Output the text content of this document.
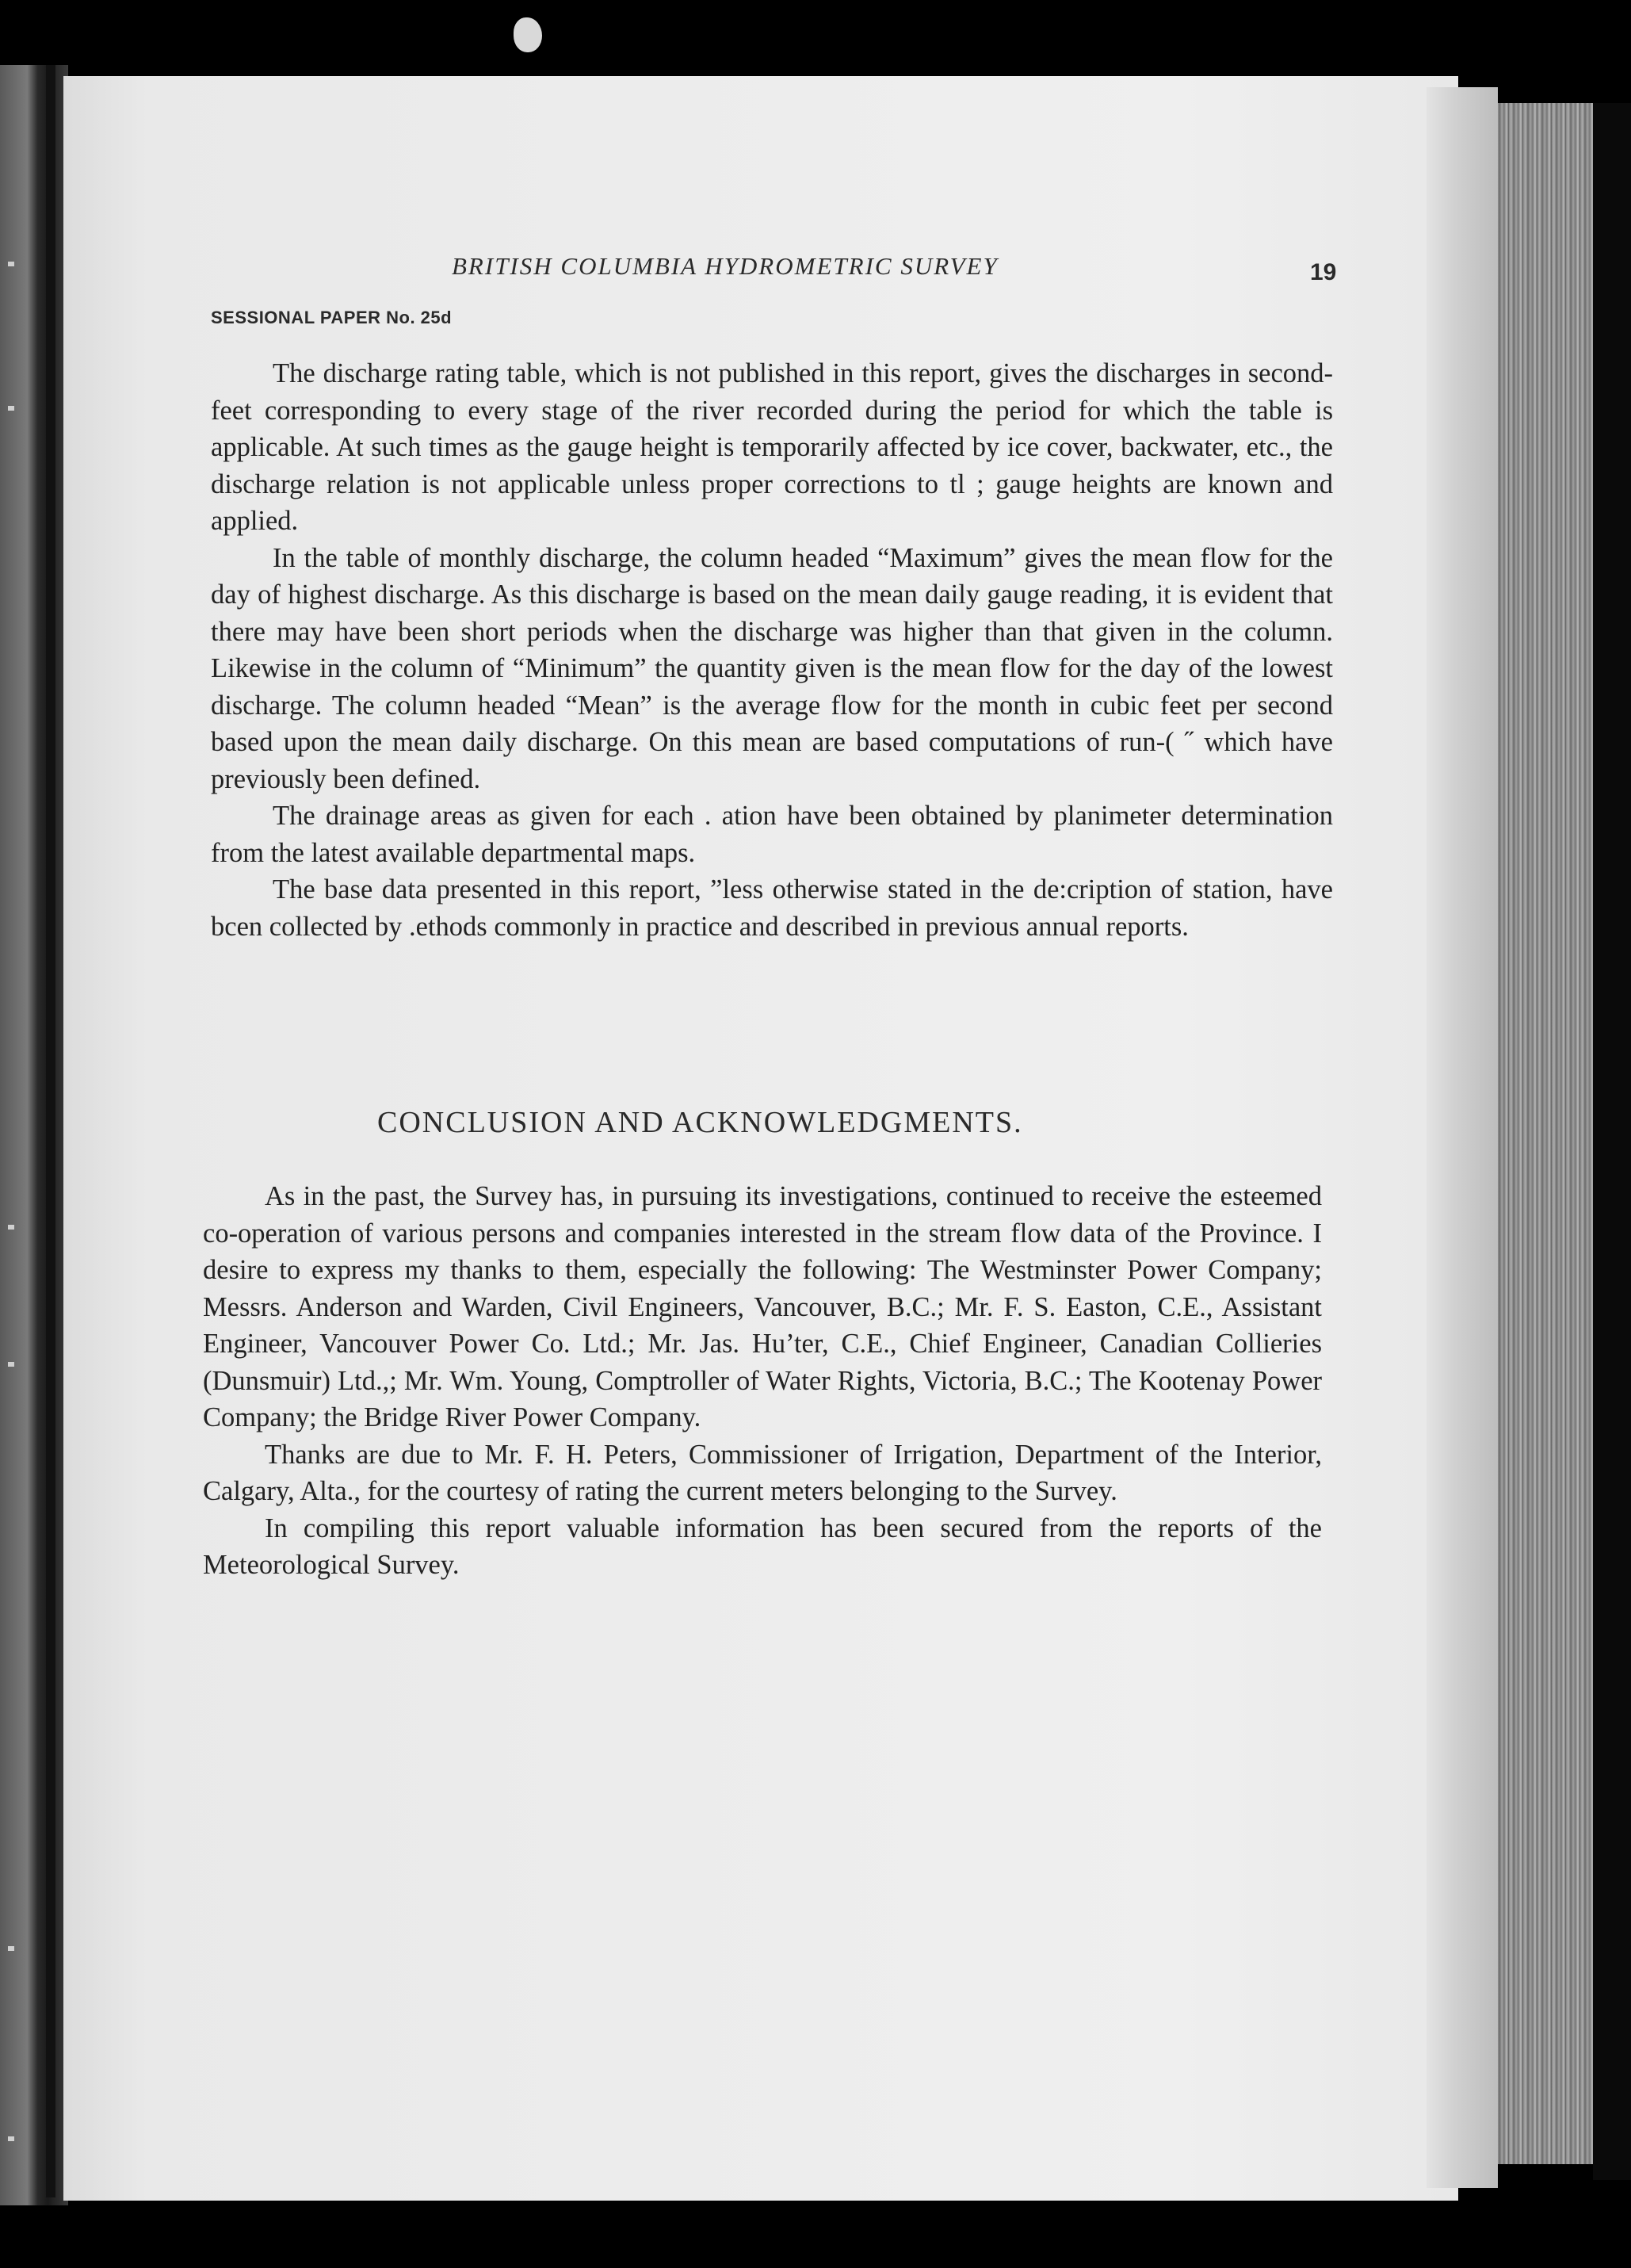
BRITISH COLUMBIA HYDROMETRIC SURVEY	19
SESSIONAL PAPER No. 25d

The discharge rating table, which is not published in this report, gives the discharges in second-feet corresponding to every stage of the river recorded during the period for which the table is applicable. At such times as the gauge height is temporarily affected by ice cover, backwater, etc., the discharge relation is not applicable unless proper corrections to tl ; gauge heights are known and applied.

In the table of monthly discharge, the column headed “Maximum” gives the mean flow for the day of highest discharge. As this discharge is based on the mean daily gauge reading, it is evident that there may have been short periods when the discharge was higher than that given in the column. Likewise in the column of “Minimum” the quantity given is the mean flow for the day of the lowest discharge. The column headed “Mean” is the average flow for the month in cubic feet per second based upon the mean daily discharge. On this mean are based computations of run-( ˝ which have previously been defined.

The drainage areas as given for each . ation have been obtained by planimeter determination from the latest available departmental maps.

The base data presented in this report, ”less otherwise stated in the de:cription of station, have bcen collected by .ethods commonly in practice and described in previous annual reports.

CONCLUSION AND ACKNOWLEDGMENTS.

As in the past, the Survey has, in pursuing its investigations, continued to receive the esteemed co-operation of various persons and companies interested in the stream flow data of the Province. I desire to express my thanks to them, especially the following: The Westminster Power Company; Messrs. Anderson and Warden, Civil Engineers, Vancouver, B.C.; Mr. F. S. Easton, C.E., Assistant Engineer, Vancouver Power Co. Ltd.; Mr. Jas. Hu’ter, C.E., Chief Engineer, Canadian Collieries (Dunsmuir) Ltd.,; Mr. Wm. Young, Comptroller of Water Rights, Victoria, B.C.; The Kootenay Power Company; the Bridge River Power Company.

Thanks are due to Mr. F. H. Peters, Commissioner of Irrigation, Department of the Interior, Calgary, Alta., for the courtesy of rating the current meters belonging to the Survey.

In compiling this report valuable information has been secured from the reports of the Meteorological Survey.
